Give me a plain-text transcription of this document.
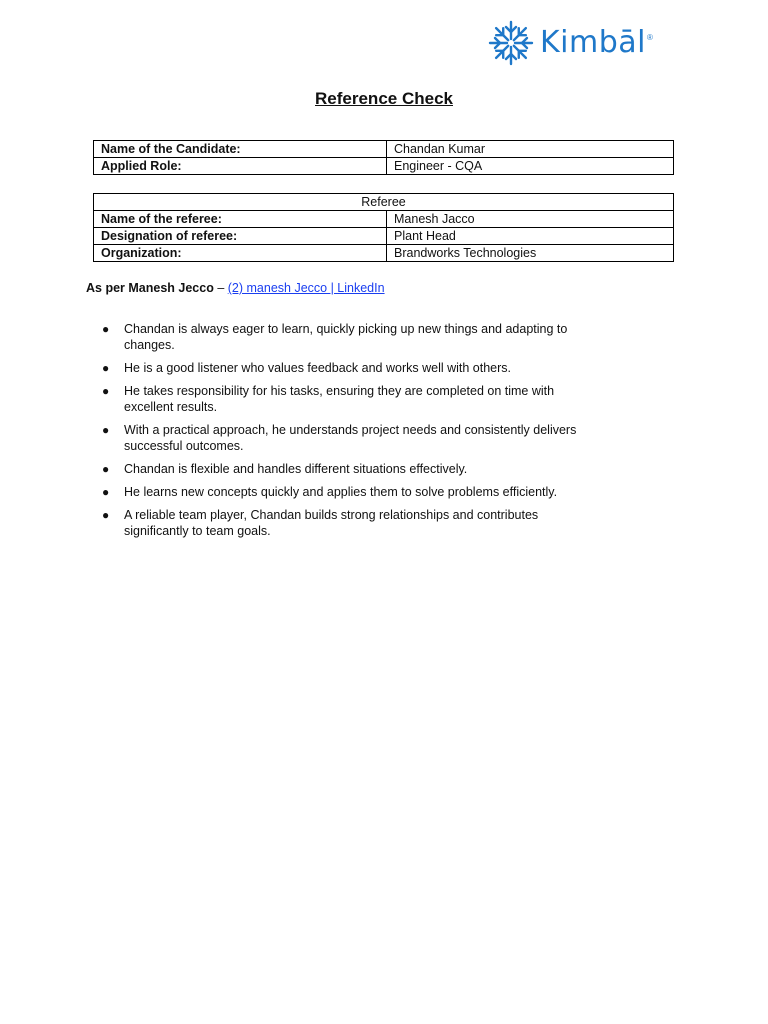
Kimbāl ®
Reference Check
Name of the Candidate:	Chandan Kumar
Applied Role:	Engineer - CQA
Referee	
Name of the referee:	Manesh Jacco
Designation of referee:	Plant Head
Organization:	Brandworks Technologies
As per Manesh Jecco – (2) manesh Jecco | LinkedIn
● Chandan is always eager to learn, quickly picking up new things and adapting to changes.
● He is a good listener who values feedback and works well with others.
● He takes responsibility for his tasks, ensuring they are completed on time with excellent results.
● With a practical approach, he understands project needs and consistently delivers successful outcomes.
● Chandan is flexible and handles different situations effectively.
● He learns new concepts quickly and applies them to solve problems efficiently.
● A reliable team player, Chandan builds strong relationships and contributes significantly to team goals.
